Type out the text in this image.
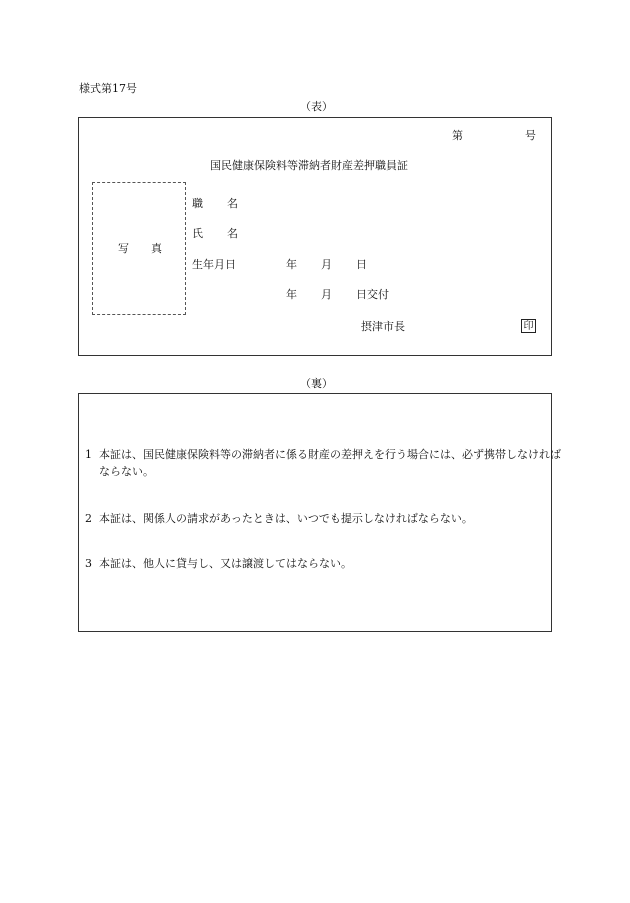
様式第17号
（表）
第	号
国民健康保険料等滞納者財産差押職員証
写 真
職 名
氏 名
生年月日	年 月 日
年 月 日交付
摂津市長	印
（裏）
1 本証は、国民健康保険料等の滞納者に係る財産の差押えを行う場合には、必ず携帯しなければならない。
2 本証は、関係人の請求があったときは、いつでも提示しなければならない。
3 本証は、他人に貸与し、又は譲渡してはならない。
